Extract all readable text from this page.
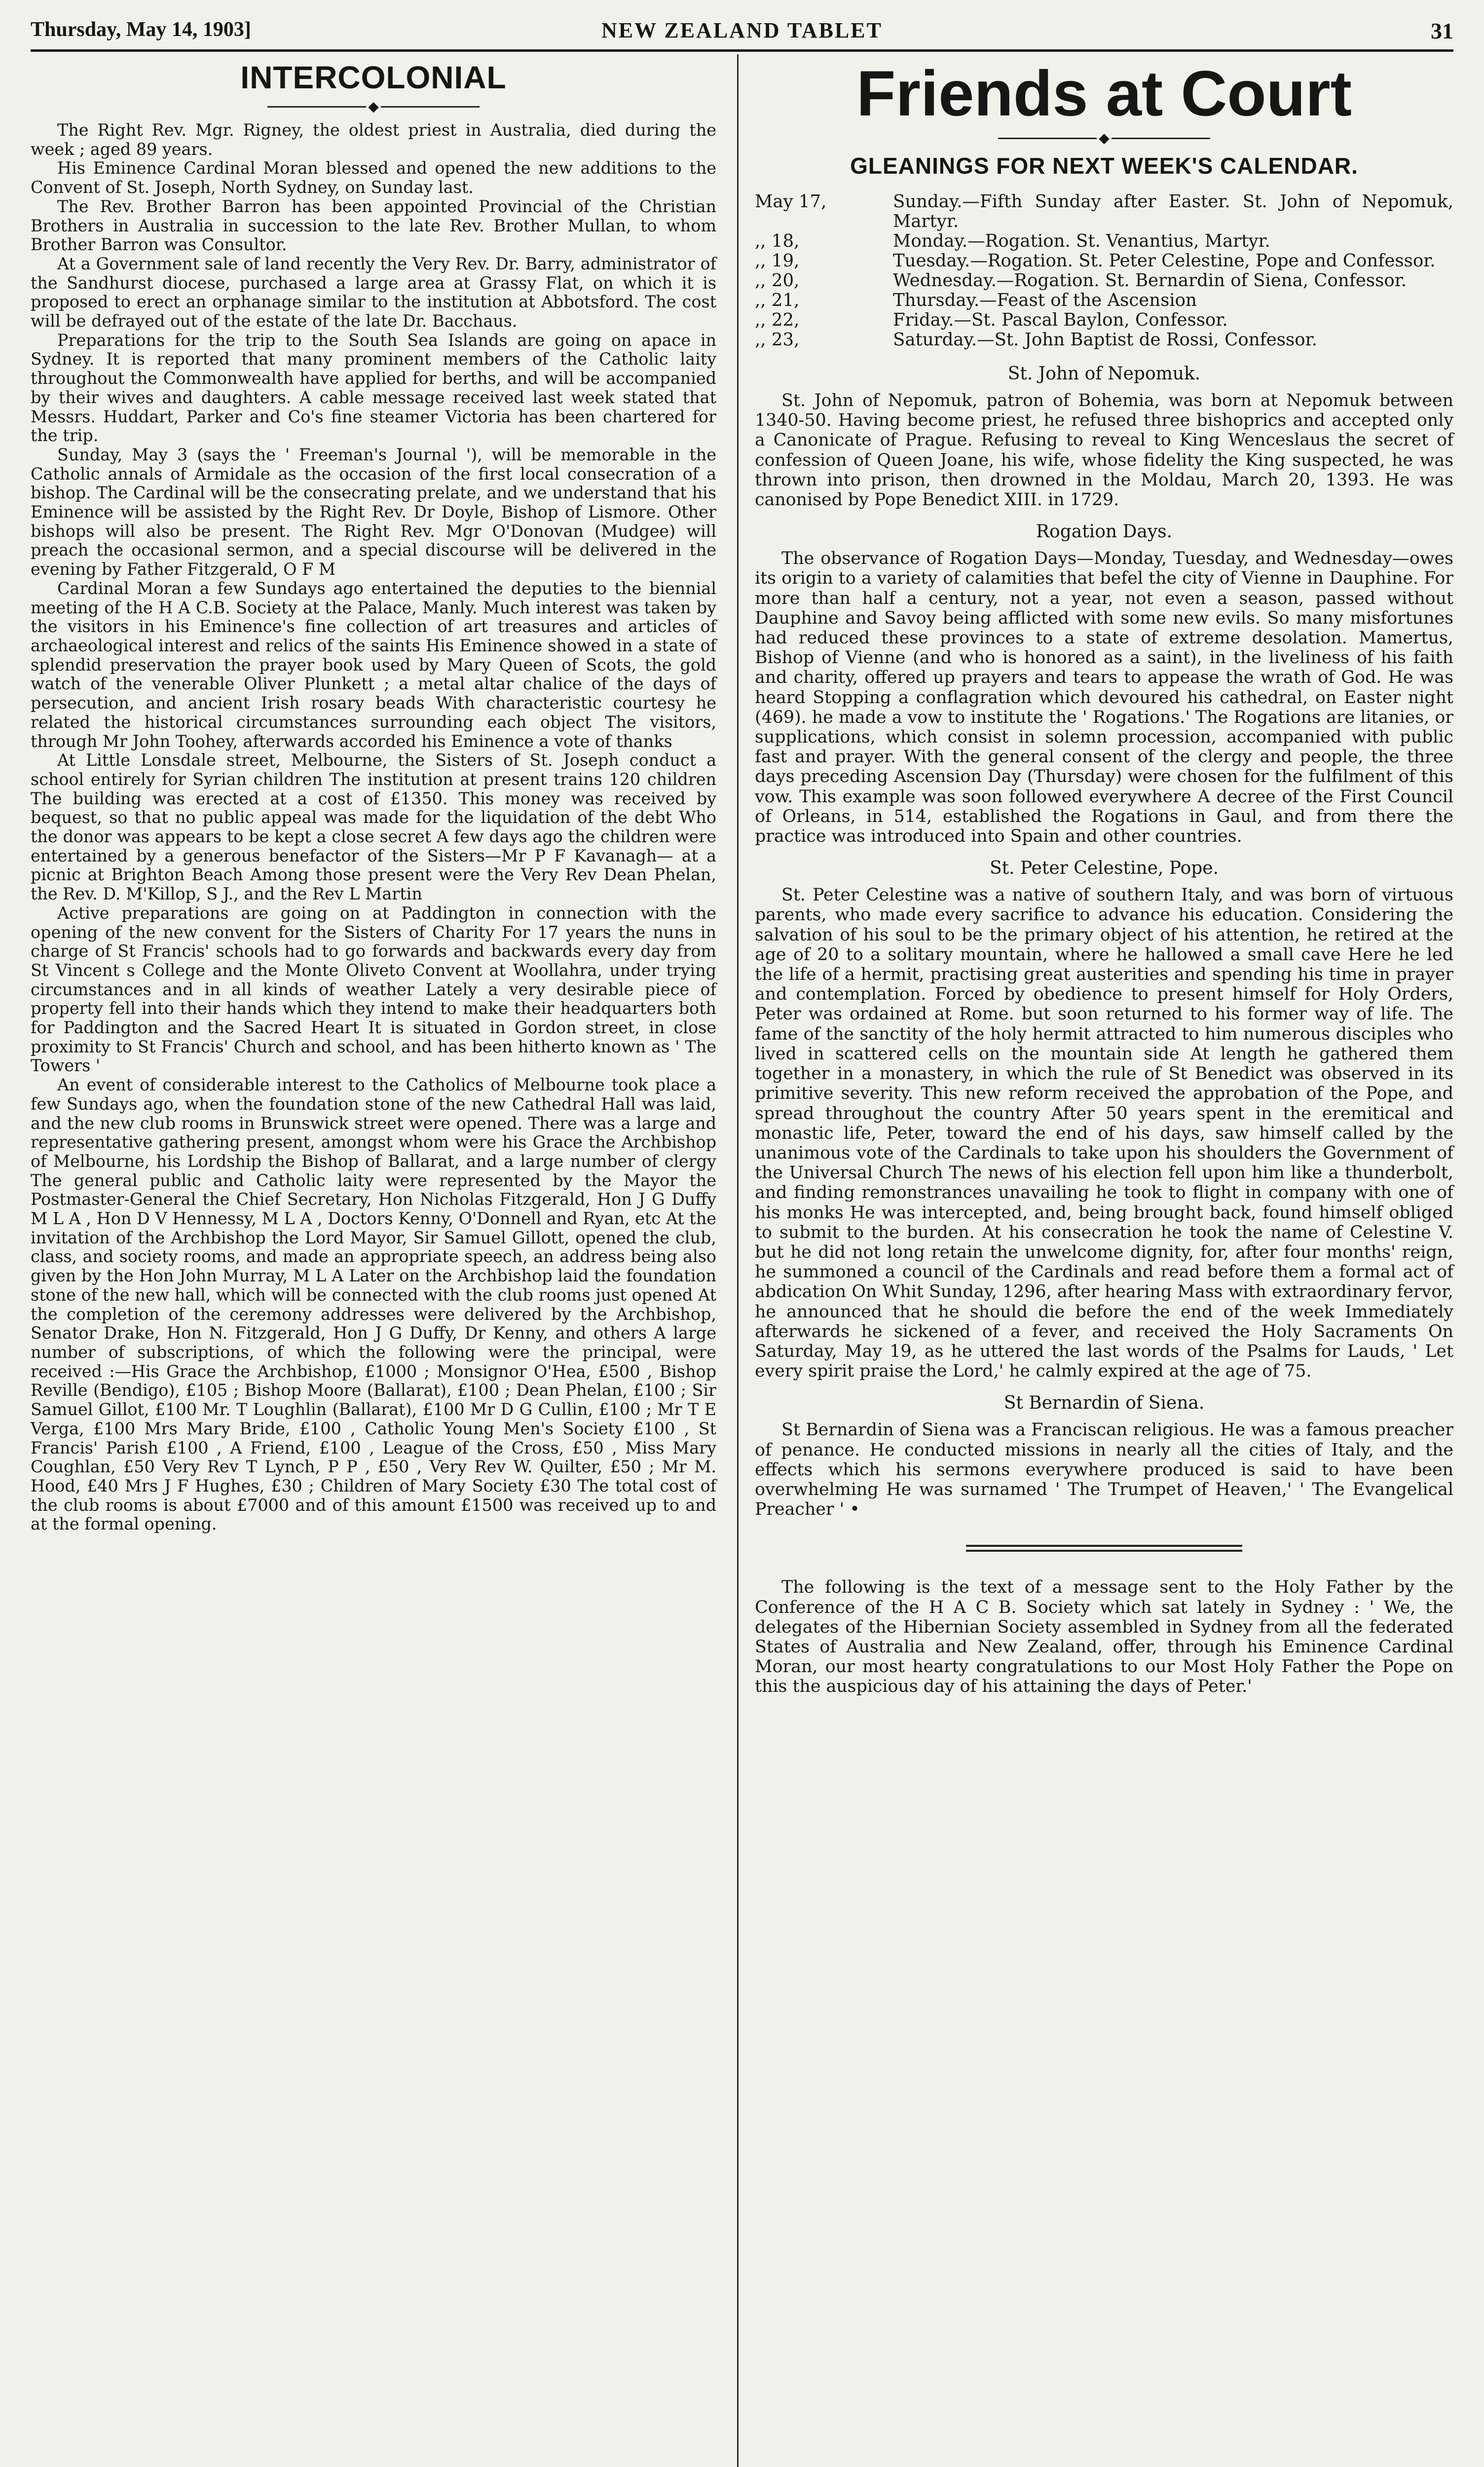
Thursday, May 14, 1903]	NEW ZEALAND TABLET	31
INTERCOLONIAL
◆

The Right Rev. Mgr. Rigney, the oldest priest in Australia, died during the week ; aged 89 years.

His Eminence Cardinal Moran blessed and opened the new additions to the Convent of St. Joseph, North Sydney, on Sunday last.

The Rev. Brother Barron has been appointed Provincial of the Christian Brothers in Australia in succession to the late Rev. Brother Mullan, to whom Brother Barron was Consultor.

At a Government sale of land recently the Very Rev. Dr. Barry, administrator of the Sandhurst diocese, purchased a large area at Grassy Flat, on which it is proposed to erect an orphanage similar to the institution at Abbotsford. The cost will be defrayed out of the estate of the late Dr. Bacchaus.

Preparations for the trip to the South Sea Islands are going on apace in Sydney. It is reported that many prominent members of the Catholic laity throughout the Commonwealth have applied for berths, and will be accompanied by their wives and daughters. A cable message received last week stated that Messrs. Huddart, Parker and Co's fine steamer Victoria has been chartered for the trip.

Sunday, May 3 (says the ' Freeman's Journal '), will be memorable in the Catholic annals of Armidale as the occasion of the first local consecration of a bishop. The Cardinal will be the consecrating prelate, and we understand that his Eminence will be assisted by the Right Rev. Dr Doyle, Bishop of Lismore. Other bishops will also be present. The Right Rev. Mgr O'Donovan (Mudgee) will preach the occasional sermon, and a special discourse will be delivered in the evening by Father Fitzgerald, O F M

Cardinal Moran a few Sundays ago entertained the deputies to the biennial meeting of the H A C.B. Society at the Palace, Manly. Much interest was taken by the visitors in his Eminence's fine collection of art treasures and articles of archaeological interest and relics of the saints His Eminence showed in a state of splendid preservation the prayer book used by Mary Queen of Scots, the gold watch of the venerable Oliver Plunkett ; a metal altar chalice of the days of persecution, and ancient Irish rosary beads With characteristic courtesy he related the historical circumstances surrounding each object The visitors, through Mr John Toohey, afterwards accorded his Eminence a vote of thanks

At Little Lonsdale street, Melbourne, the Sisters of St. Joseph conduct a school entirely for Syrian children The institution at present trains 120 children The building was erected at a cost of £1350. This money was received by bequest, so that no public appeal was made for the liquidation of the debt Who the donor was appears to be kept a close secret A few days ago the children were entertained by a generous benefactor of the Sisters—Mr P F Kavanagh— at a picnic at Brighton Beach Among those present were the Very Rev Dean Phelan, the Rev. D. M'Killop, S J., and the Rev L Martin

Active preparations are going on at Paddington in connection with the opening of the new convent for the Sisters of Charity For 17 years the nuns in charge of St Francis' schools had to go forwards and backwards every day from St Vincent s College and the Monte Oliveto Convent at Woollahra, under trying circumstances and in all kinds of weather Lately a very desirable piece of property fell into their hands which they intend to make their headquarters both for Paddington and the Sacred Heart It is situated in Gordon street, in close proximity to St Francis' Church and school, and has been hitherto known as ' The Towers '

An event of considerable interest to the Catholics of Melbourne took place a few Sundays ago, when the foundation stone of the new Cathedral Hall was laid, and the new club rooms in Brunswick street were opened. There was a large and representative gathering present, amongst whom were his Grace the Archbishop of Melbourne, his Lordship the Bishop of Ballarat, and a large number of clergy The general public and Catholic laity were represented by the Mayor the Postmaster-General the Chief Secretary, Hon Nicholas Fitzgerald, Hon J G Duffy M L A , Hon D V Hennessy, M L A , Doctors Kenny, O'Donnell and Ryan, etc At the invitation of the Archbishop the Lord Mayor, Sir Samuel Gillott, opened the club, class, and society rooms, and made an appropriate speech, an address being also given by the Hon John Murray, M L A Later on the Archbishop laid the foundation stone of the new hall, which will be connected with the club rooms just opened At the completion of the ceremony addresses were delivered by the Archbishop, Senator Drake, Hon N. Fitzgerald, Hon J G Duffy, Dr Kenny, and others A large number of subscriptions, of which the following were the principal, were received :—His Grace the Archbishop, £1000 ; Monsignor O'Hea, £500 , Bishop Reville (Bendigo), £105 ; Bishop Moore (Ballarat), £100 ; Dean Phelan, £100 ; Sir Samuel Gillot, £100 Mr. T Loughlin (Ballarat), £100 Mr D G Cullin, £100 ; Mr T E Verga, £100 Mrs Mary Bride, £100 , Catholic Young Men's Society £100 , St Francis' Parish £100 , A Friend, £100 , League of the Cross, £50 , Miss Mary Coughlan, £50 Very Rev T Lynch, P P , £50 , Very Rev W. Quilter, £50 ; Mr M. Hood, £40 Mrs J F Hughes, £30 ; Children of Mary Society £30 The total cost of the club rooms is about £7000 and of this amount £1500 was received up to and at the formal opening.

Friends at Court
◆
GLEANINGS FOR NEXT WEEK'S CALENDAR.
May 17,	Sunday.—Fifth Sunday after Easter. St. John of Nepomuk, Martyr.
,, 18,	Monday.—Rogation. St. Venantius, Martyr.
,, 19,	Tuesday.—Rogation. St. Peter Celestine, Pope and Confessor.
,, 20,	Wednesday.—Rogation. St. Bernardin of Siena, Confessor.
,, 21,	Thursday.—Feast of the Ascension
,, 22,	Friday.—St. Pascal Baylon, Confessor.
,, 23,	Saturday.—St. John Baptist de Rossi, Confessor.
St. John of Nepomuk.

St. John of Nepomuk, patron of Bohemia, was born at Nepomuk between 1340-50. Having become priest, he refused three bishoprics and accepted only a Canonicate of Prague. Refusing to reveal to King Wenceslaus the secret of confession of Queen Joane, his wife, whose fidelity the King suspected, he was thrown into prison, then drowned in the Moldau, March 20, 1393. He was canonised by Pope Benedict XIII. in 1729.

Rogation Days.

The observance of Rogation Days—Monday, Tuesday, and Wednesday—owes its origin to a variety of calamities that befel the city of Vienne in Dauphine. For more than half a century, not a year, not even a season, passed without Dauphine and Savoy being afflicted with some new evils. So many misfortunes had reduced these provinces to a state of extreme desolation. Mamertus, Bishop of Vienne (and who is honored as a saint), in the liveliness of his faith and charity, offered up prayers and tears to appease the wrath of God. He was heard Stopping a conflagration which devoured his cathedral, on Easter night (469). he made a vow to institute the ' Rogations.' The Rogations are litanies, or supplications, which consist in solemn procession, accompanied with public fast and prayer. With the general consent of the clergy and people, the three days preceding Ascension Day (Thursday) were chosen for the fulfilment of this vow. This example was soon followed everywhere A decree of the First Council of Orleans, in 514, established the Rogations in Gaul, and from there the practice was introduced into Spain and other countries.

St. Peter Celestine, Pope.

St. Peter Celestine was a native of southern Italy, and was born of virtuous parents, who made every sacrifice to advance his education. Considering the salvation of his soul to be the primary object of his attention, he retired at the age of 20 to a solitary mountain, where he hallowed a small cave Here he led the life of a hermit, practising great austerities and spending his time in prayer and contemplation. Forced by obedience to present himself for Holy Orders, Peter was ordained at Rome. but soon returned to his former way of life. The fame of the sanctity of the holy hermit attracted to him numerous disciples who lived in scattered cells on the mountain side At length he gathered them together in a monastery, in which the rule of St Benedict was observed in its primitive severity. This new reform received the approbation of the Pope, and spread throughout the country After 50 years spent in the eremitical and monastic life, Peter, toward the end of his days, saw himself called by the unanimous vote of the Cardinals to take upon his shoulders the Government of the Universal Church The news of his election fell upon him like a thunderbolt, and finding remonstrances unavailing he took to flight in company with one of his monks He was intercepted, and, being brought back, found himself obliged to submit to the burden. At his consecration he took the name of Celestine V. but he did not long retain the unwelcome dignity, for, after four months' reign, he summoned a council of the Cardinals and read before them a formal act of abdication On Whit Sunday, 1296, after hearing Mass with extraordinary fervor, he announced that he should die before the end of the week Immediately afterwards he sickened of a fever, and received the Holy Sacraments On Saturday, May 19, as he uttered the last words of the Psalms for Lauds, ' Let every spirit praise the Lord,' he calmly expired at the age of 75.

St Bernardin of Siena.

St Bernardin of Siena was a Franciscan religious. He was a famous preacher of penance. He conducted missions in nearly all the cities of Italy, and the effects which his sermons everywhere produced is said to have been overwhelming He was surnamed ' The Trumpet of Heaven,' ' The Evangelical Preacher ' •

The following is the text of a message sent to the Holy Father by the Conference of the H A C B. Society which sat lately in Sydney : ' We, the delegates of the Hibernian Society assembled in Sydney from all the federated States of Australia and New Zealand, offer, through his Eminence Cardinal Moran, our most hearty congratulations to our Most Holy Father the Pope on this the auspicious day of his attaining the days of Peter.'
